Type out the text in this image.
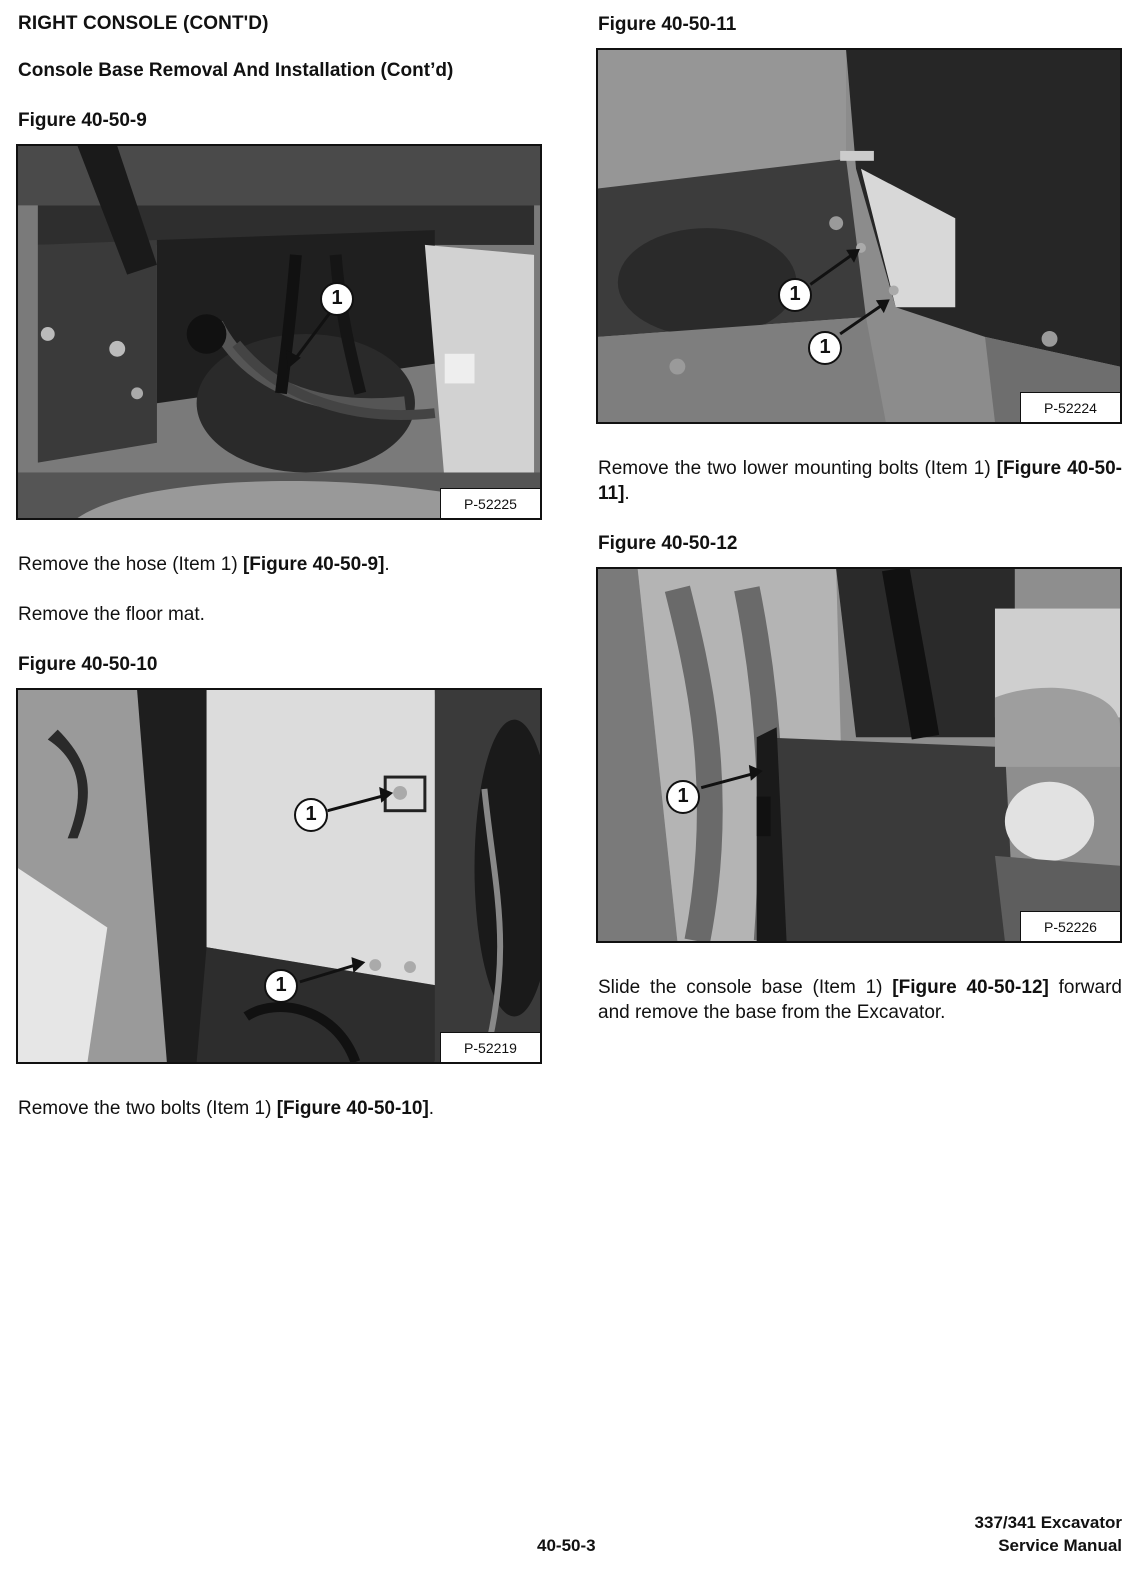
RIGHT CONSOLE (CONT'D)

Console Base Removal And Installation (Cont’d)

Figure 40-50-9

1
P-52225

Remove the hose (Item 1) [Figure 40-50-9].

Remove the floor mat.

Figure 40-50-10

1
1
P-52219

Remove the two bolts (Item 1) [Figure 40-50-10].

Figure 40-50-11

1
1
P-52224

Remove the two lower mounting bolts (Item 1) [Figure 40-50-11].

Figure 40-50-12

1
P-52226

Slide the console base (Item 1) [Figure 40-50-12] forward and remove the base from the Excavator.

40-50-3
337/341 Excavator
Service Manual
